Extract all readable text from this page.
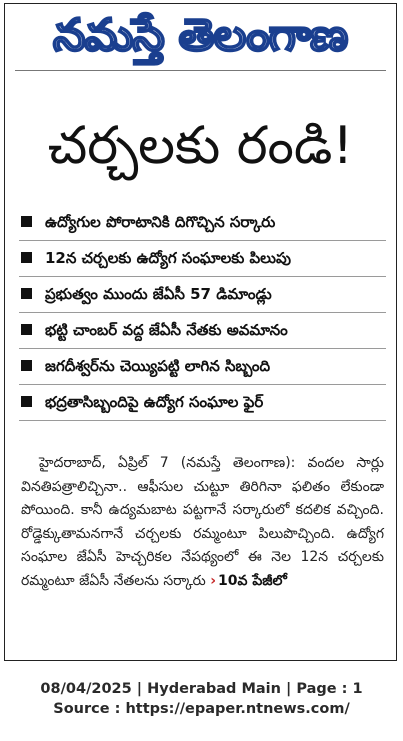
నమస్తే తెలంగాణ
చర్చలకు రండి!
ఉద్యోగుల పోరాటానికి దిగొచ్చిన సర్కారు
12న చర్చలకు ఉద్యోగ సంఘాలకు పిలుపు
ప్రభుత్వం ముందు జేఏసీ 57 డిమాండ్లు
భట్టి చాంబర్ వద్ద జేఏసీ నేతకు అవమానం
జగదీశ్వర్‌ను చెయ్యిపట్టి లాగిన సిబ్బంది
భద్రతాసిబ్బందిపై ఉద్యోగ సంఘాల ఫైర్
హైదరాబాద్, ఏప్రిల్ 7 (నమస్తే తెలంగాణ): వందల సార్లు వినతిపత్రాలిచ్చినా.. ఆఫీసుల చుట్టూ తిరిగినా ఫలితం లేకుండా పోయింది. కానీ ఉద్యమబాట పట్టగానే సర్కారులో కదలిక వచ్చింది. రోడ్డెక్కుతామనగానే చర్చలకు రమ్మంటూ పిలుపొచ్చింది. ఉద్యోగ సంఘాల జేఏసీ హెచ్చరికల నేపథ్యంలో ఈ నెల 12న చర్చలకు రమ్మంటూ జేఏసీ నేతలను సర్కారు › 10వ పేజీలో
08/04/2025 | Hyderabad Main | Page : 1
Source : https://epaper.ntnews.com/
